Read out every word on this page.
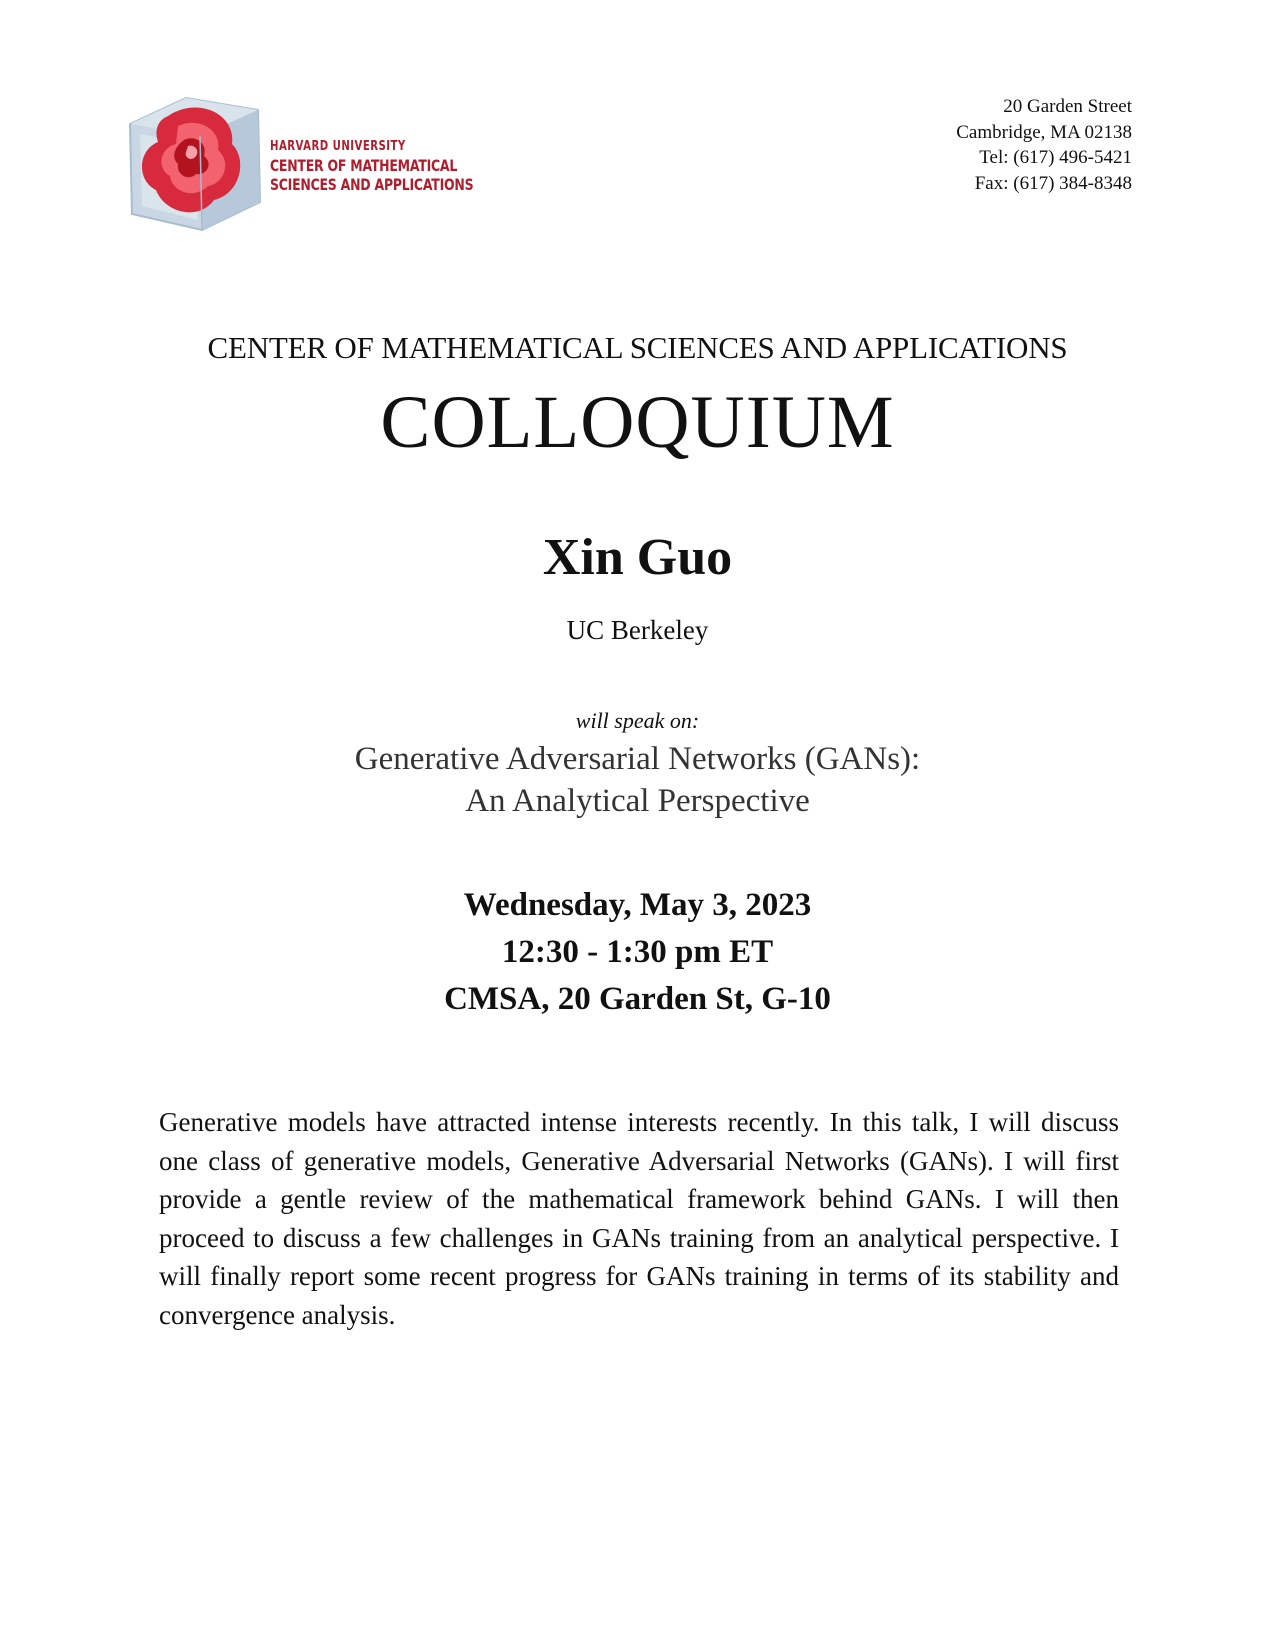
HARVARD UNIVERSITY
CENTER OF MATHEMATICAL
SCIENCES AND APPLICATIONS
20 Garden Street
Cambridge, MA 02138
Tel: (617) 496-5421
Fax: (617) 384-8348
CENTER OF MATHEMATICAL SCIENCES AND APPLICATIONS
COLLOQUIUM
Xin Guo
UC Berkeley
will speak on:
Generative Adversarial Networks (GANs):
An Analytical Perspective
Wednesday, May 3, 2023
12:30 - 1:30 pm ET
CMSA, 20 Garden St, G-10

Generative models have attracted intense interests recently. In this talk, I will discuss one class of generative models, Generative Adversarial Networks (GANs). I will first provide a gentle review of the mathematical framework behind GANs. I will then proceed to discuss a few challenges in GANs training from an analytical perspective. I will finally report some recent progress for GANs training in terms of its stability and convergence analysis.
